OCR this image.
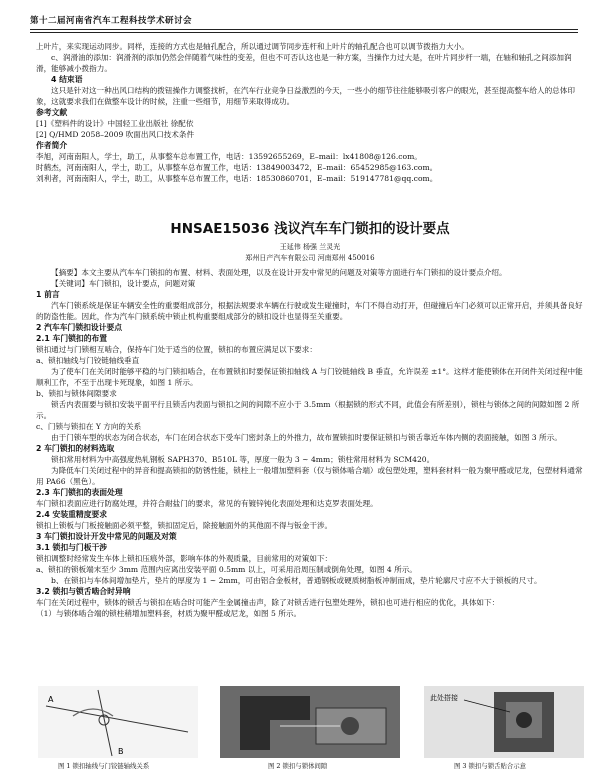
第十二届河南省汽车工程科技学术研讨会

上叶片，来实现运动同步。同样，连接的方式也是轴孔配合，所以通过调节同步连杆和上叶片的轴孔配合也可以调节拨指力大小。

c、润滑油的添加：润滑剂的添加仍然会伴随着气味性的变差，但也不可否认这也是一种方案，当操作力过大是，在叶片同步杆一端，在轴和轴孔之间添加润滑，能够减小拨指力。

4 结束语

这只是针对这一种出风口结构的拨钮操作力调整找析，在汽车行业竞争日益激烈的今天，一些小的细节往往能够吸引客户的眼光，甚至提高整车给人的总体印象，这就要求我们在做整车设计的时候，注重一些细节，用细节来取得成功。

参考文献

[1]《塑料件的设计》中国轻工业出版社 徐配依

[2] Q/HMD 2058–2009 吹面出风口技术条件

作者简介

李旭，河南南阳人，学士，助工，从事整车总布置工作，电话：13592655269，E–mail：lx41808@126.com。

时鹤杰，河南南阳人，学士，助工，从事整车总布置工作，电话：13849003472，E–mail：65452985@163.com。

刘利者，河南南阳人，学士，助工，从事整车总布置工作，电话：18530860701，E–mail：519147781@qq.com。

HNSAE15036 浅议汽车车门锁扣的设计要点

王延伟 杨强 兰灵光

郑州日产汽车有限公司 河南郑州 450016

【摘要】本文主要从汽车车门锁扣的布置、材料、表面处理，以及在设计开发中常见的问题及对策等方面进行车门锁扣的设计要点介绍。

【关键词】车门锁扣，设计要点，问题对策

1 前言

汽车门锁系统是保证车辆安全性的重要组成部分，根据法规要求车辆在行驶或发生碰撞时，车门不得自动打开，但碰撞后车门必须可以正常开启，并须具备良好的防盗性能。因此，作为汽车门锁系统中锁止机构重要组成部分的锁扣设计也显得至关重要。

2 汽车车门锁扣设计要点

2.1 车门锁扣的布置

锁扣通过与门锁相互啮合，保持车门处于适当的位置，锁扣的布置应满足以下要求：

a、锁扣轴线与门铰链轴线垂直

为了使车门在关闭时能够平稳的与门锁扣啮合，在布置锁扣时要保证锁扣轴线 A 与门铰链轴线 B 垂直，允许误差 ±1°。这样才能使锁体在开闭件关闭过程中能顺利工作，不至于出现卡死现象，如图 1 所示。

b、锁扣与锁体间隙要求

锁舌内表面要与锁扣安装平面平行且锁舌内表面与锁扣之间的间隙不应小于 3.5mm（根据锁的形式不同，此值会有所差别），锁柱与锁体之间的间隙如图 2 所示。

c、门锁与锁扣在 Y 方向的关系

由于门锁车型的状态为闭合状态，车门在闭合状态下受车门密封条上的外推力，故布置锁扣时要保证锁扣与锁舌靠近车体内侧的表面接触，如图 3 所示。

2 车门锁扣的材料选取

锁扣常用材料为中高强度热轧钢板 SAPH370、B510L 等，厚度一般为 3 ~ 4mm；锁柱常用材料为 SCM420。

为降低车门关闭过程中的异音和提高锁扣的防锈性能，锁柱上一般增加塑料套（仅与锁体啮合端）或包塑处理，塑料套材料一般为聚甲醛或尼龙，包塑材料通常用 PA66（黑色）。

2.3 车门锁扣的表面处理

车门锁扣表面应进行防腐处理，并符合耐盐门的要求，常见的有镀锌钝化表面处理和达克罗表面处理。

2.4 安装重精度要求

锁扣上锁板与门板接触面必须平整，锁扣固定后，除接触面外的其他面不得与钣金干涉。

3 车门锁扣设计开发中常见的问题及对策

3.1 锁扣与门板干涉

锁扣调整时经常发生车体上锁扣压痕外部，影响车体的外观质量，目前常用的对策如下：

a、锁扣的锁板端末至少 3mm 范围内应离出安装平面 0.5mm 以上，可采用沿周压制或倒角处理，如图 4 所示。

b、在锁扣与车体间增加垫片，垫片的厚度为 1 ~ 2mm，可由铝合金板材，普通钢板或硬质树脂板冲制而成，垫片轮廓尺寸应不大于锁板的尺寸。

3.2 锁扣与锁舌啮合时异响

车门在关闭过程中，锁体的锁舌与锁扣在啮合时可能产生金属撞击声，除了对锁舌进行包塑处理外，锁扣也可进行相应的优化，具体如下：

（1）与锁体啮合端的锁柱稍增加塑料套，材质为聚甲醛或尼龙，如图 5 所示。

A
B
此处搭接
图 1 锁扣轴线与门铰链轴线关系	图 2 锁扣与锁体间隙	图 3 锁扣与锁舌贴合示意
